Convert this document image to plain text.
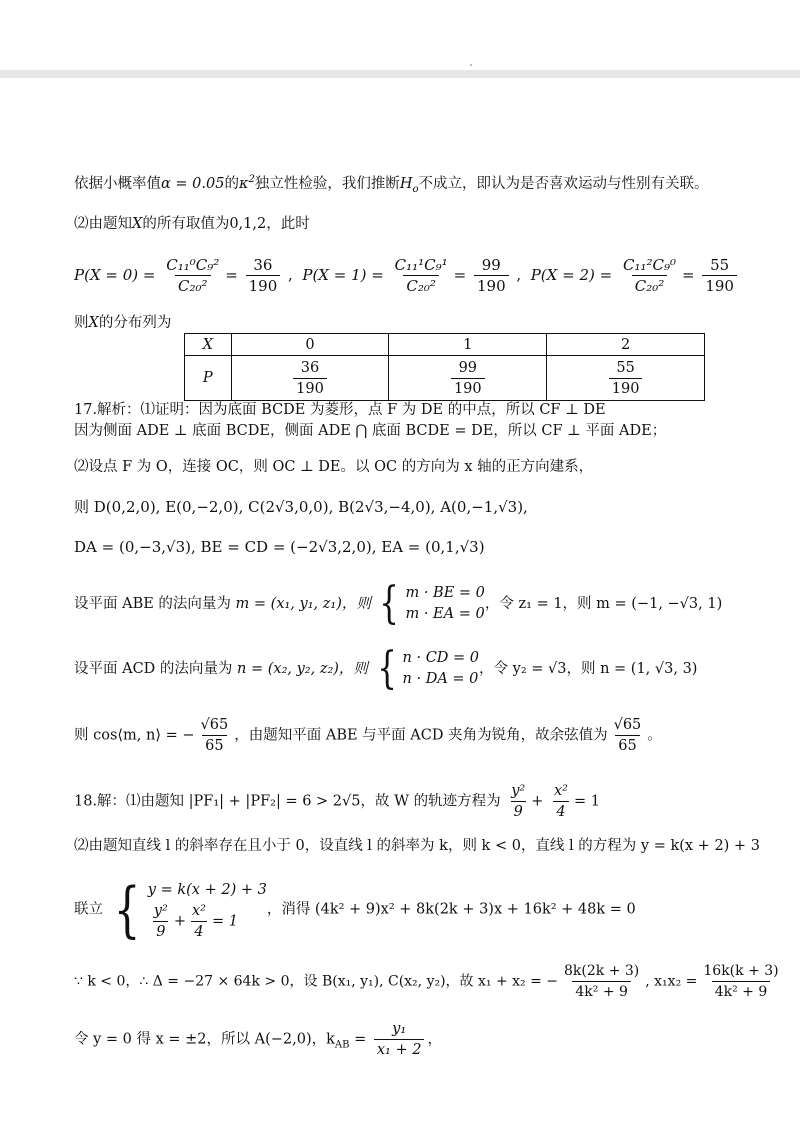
依据小概率值α = 0.05的$\kappa^2$独立性检验，我们推断$H_o$不成立，即认为是否喜欢运动与性别有关联。
⑵由题知X的所有取值为0,1,2，此时
$P(X = 0) = \frac{\text{C₁₁⁰C₉²}}{\text{C₂₀²}} = \frac{36}{190}$ ,  $P(X = 1) = \frac{\text{C₁₁¹C₉¹}}{\text{C₂₀²}} = \frac{99}{190}$ ,  $P(X = 2) = \frac{\text{C₁₁²C₉⁰}}{\text{C₂₀²}} = \frac{55}{190}$
则X的分布列为
X	0	1	2
P	$\frac{36}{190}$	$\frac{99}{190}$	$\frac{55}{190}$
17.解析：⑴证明：因为底面 BCDE 为菱形，点 F 为 DE 的中点，所以 CF ⊥ DE
因为侧面 ADE ⊥ 底面 BCDE，侧面 ADE ⋂ 底面 BCDE = DE，所以 CF ⊥ 平面 ADE；
⑵设点 F 为 O，连接 OC，则 OC ⊥ DE。以 OC 的方向为 x 轴的正方向建系，
则 D(0,2,0), E(0,−2,0), C(2√3,0,0), B(2√3,−4,0), A(0,−1,√3),
DA = (0,−3,√3), BE = CD = (−2√3,2,0), EA = (0,1,√3)
设平面 ABE 的法向量为 m = (x₁, y₁, z₁)，则 { m · BE = 0
m · EA = 0
，令 z₁ = 1，则 m = (−1, −√3, 1)
设平面 ACD 的法向量为 n = (x₂, y₂, z₂)，则 { n · CD = 0
n · DA = 0
，令 y₂ = √3，则 n = (1, √3, 3)
则 cos⟨m, n⟩ = − $\frac{√65}{65}$ ，由题知平面 ABE 与平面 ACD 夹角为锐角，故余弦值为 $\frac{√65}{65}$ 。
18.解：⑴由题知 |PF₁| + |PF₂| = 6 > 2√5，故 W 的轨迹方程为 $\frac{\text{y²}}{9} + \frac{\text{x²}}{4} = 1$
⑵由题知直线 l 的斜率存在且小于 0，设直线 l 的斜率为 k，则 k < 0，直线 l 的方程为 y = k(x + 2) + 3
联立 { y = k(x + 2) + 3
$\frac{\text{y²}}{9} + \frac{\text{x²}}{4} = 1$
，消得 (4k² + 9)x² + 8k(2k + 3)x + 16k² + 48k = 0
∵ k < 0，∴ Δ = −27 × 64k > 0，设 B(x₁, y₁), C(x₂, y₂)，故 x₁ + x₂ = − $\frac{8k(2k + 3)}{\text{4k² + 9}}$ , $x_1x_2 = \frac{16k(k + 3)}{\text{4k² + 9}}$
令 y = 0 得 x = ±2，所以 A(−2,0)，$k_{AB} = \frac{\text{y₁}}{\text{x₁ + 2}}$ ，
